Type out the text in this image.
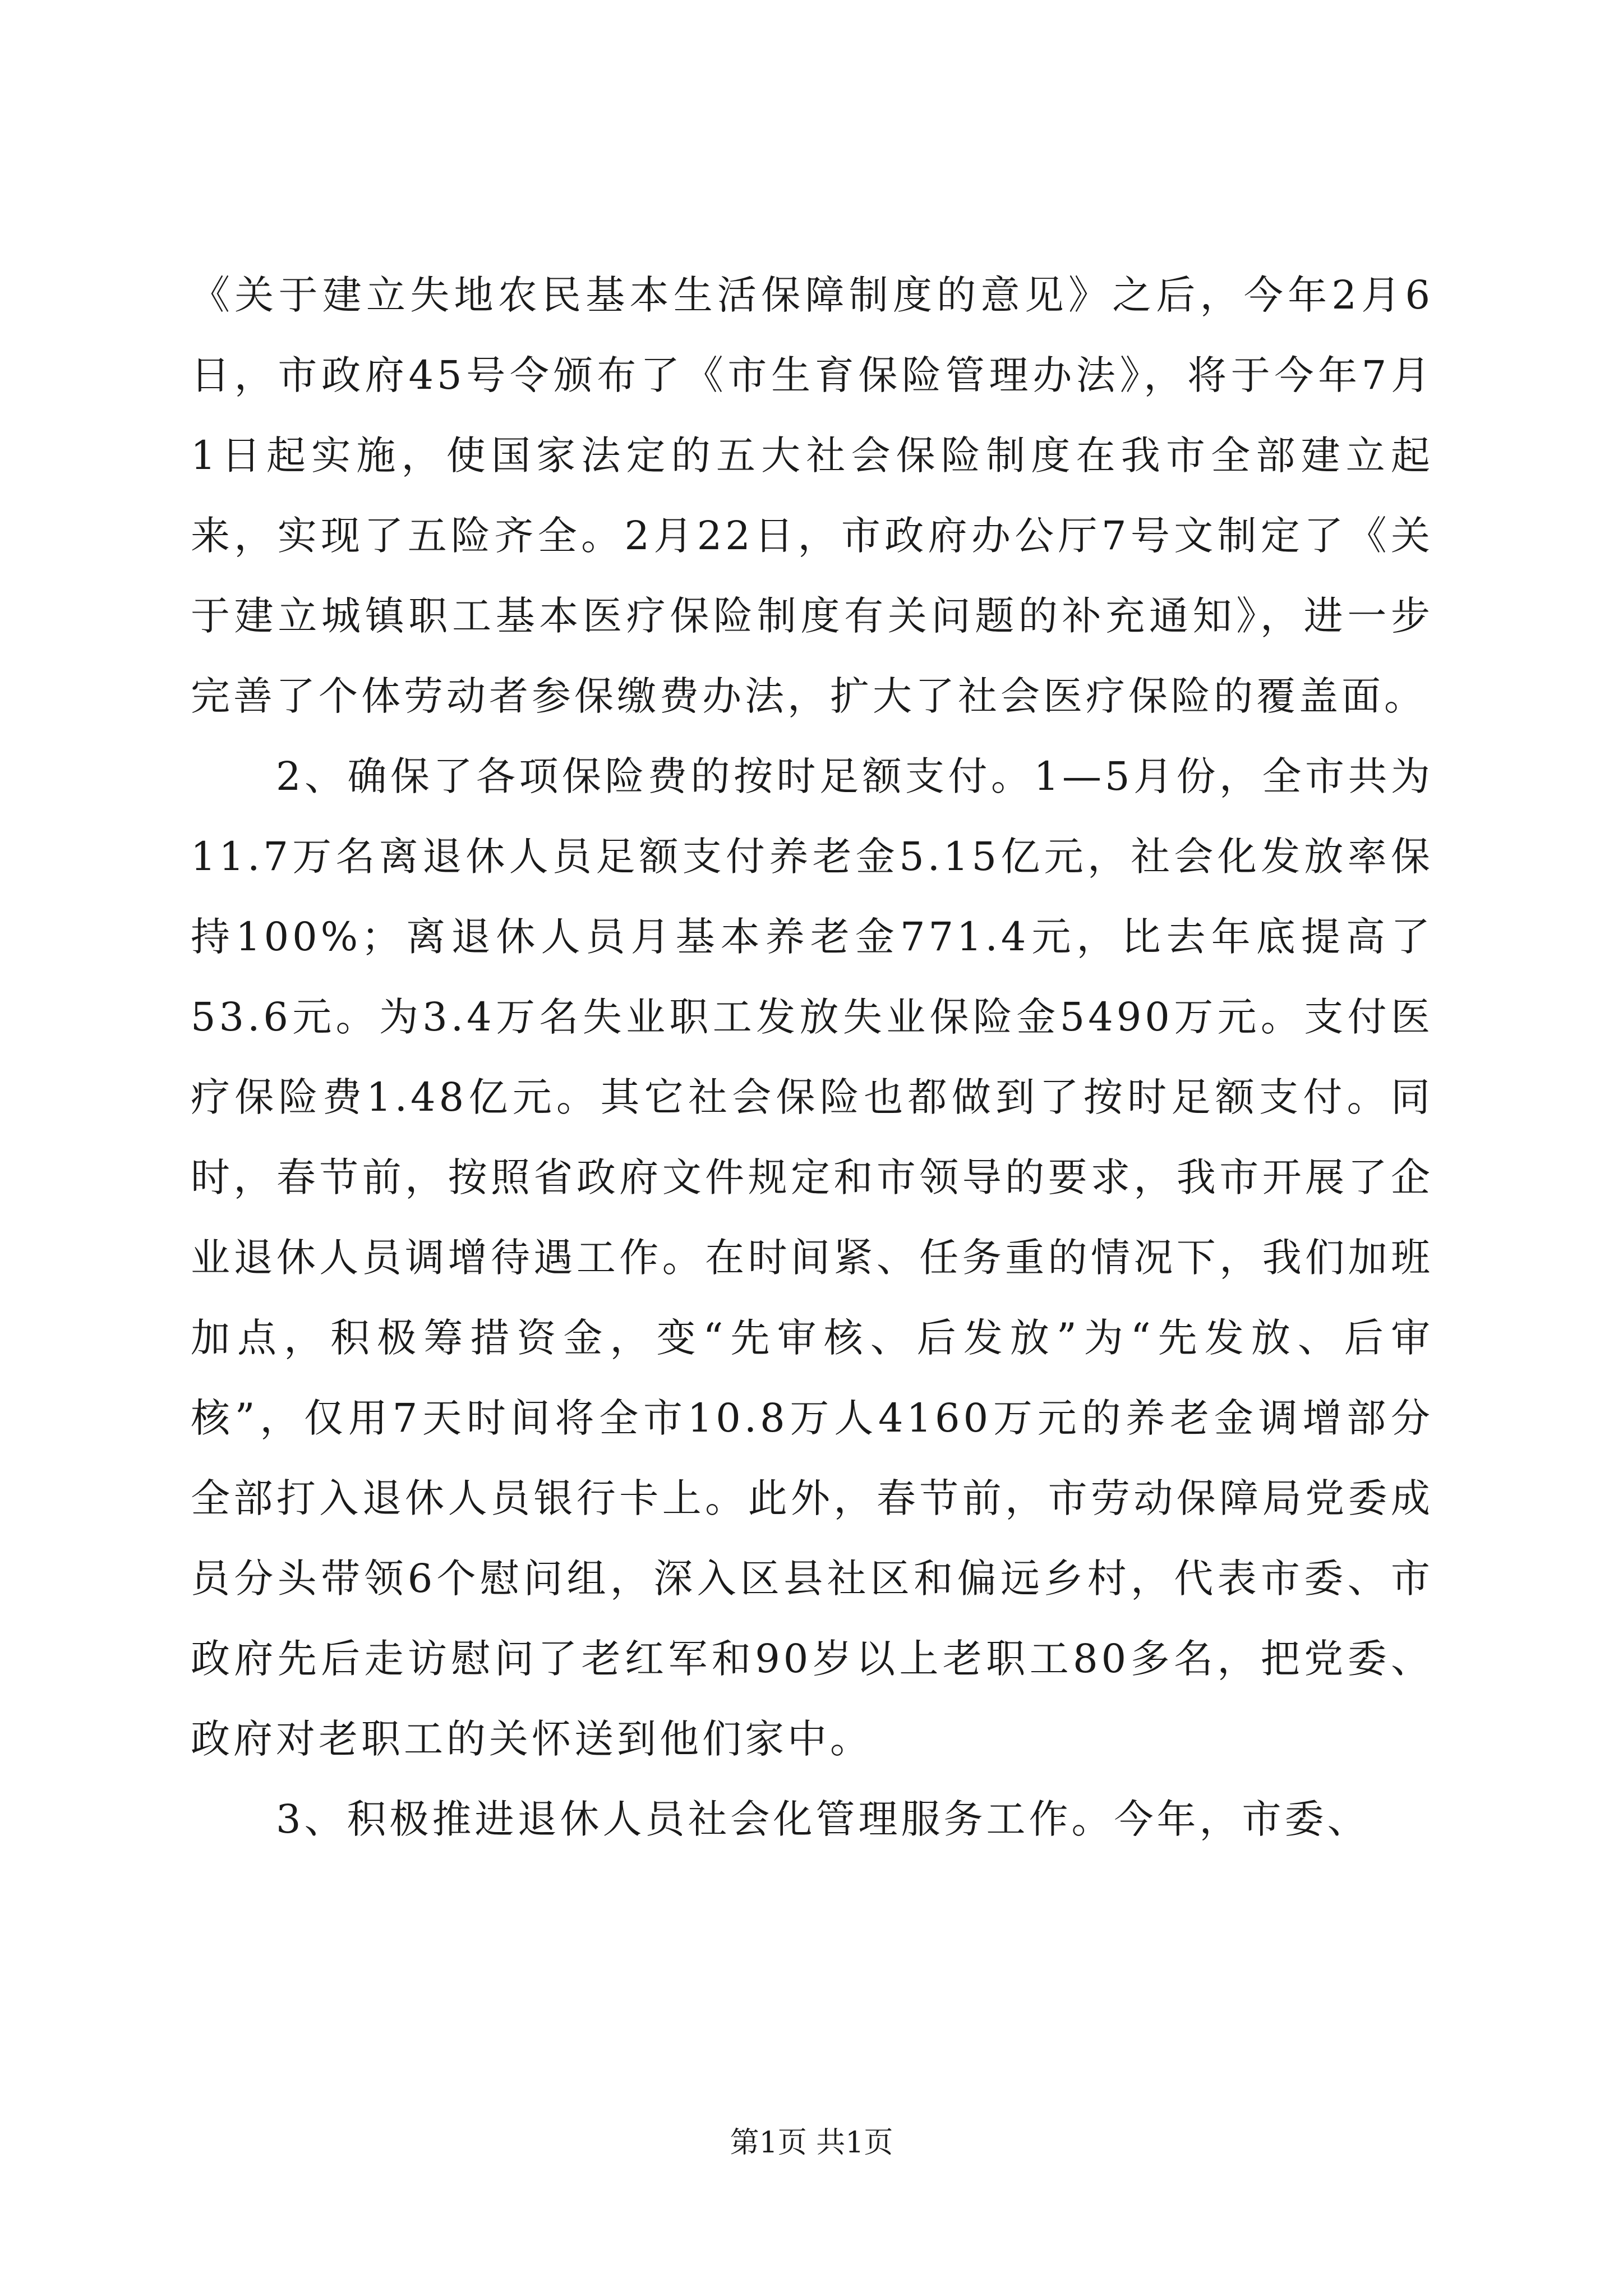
《关于建立失地农民基本生活保障制度的意见》之后，今年2月6日，市政府45号令颁布了《市生育保险管理办法》，将于今年7月1日起实施，使国家法定的五大社会保险制度在我市全部建立起来，实现了五险齐全。2月22日，市政府办公厅7号文制定了《关于建立城镇职工基本医疗保险制度有关问题的补充通知》，进一步完善了个体劳动者参保缴费办法，扩大了社会医疗保险的覆盖面。

2、确保了各项保险费的按时足额支付。1—5月份，全市共为11.7万名离退休人员足额支付养老金5.15亿元，社会化发放率保持100%；离退休人员月基本养老金771.4元，比去年底提高了53.6元。为3.4万名失业职工发放失业保险金5490万元。支付医疗保险费1.48亿元。其它社会保险也都做到了按时足额支付。同时，春节前，按照省政府文件规定和市领导的要求，我市开展了企业退休人员调增待遇工作。在时间紧、任务重的情况下，我们加班加点，积极筹措资金，变“先审核、后发放”为“先发放、后审核”，仅用7天时间将全市10.8万人4160万元的养老金调增部分全部打入退休人员银行卡上。此外，春节前，市劳动保障局党委成员分头带领6个慰问组，深入区县社区和偏远乡村，代表市委、市政府先后走访慰问了老红军和90岁以上老职工80多名，把党委、政府对老职工的关怀送到他们家中。

3、积极推进退休人员社会化管理服务工作。今年，市委、

第1页 共1页
